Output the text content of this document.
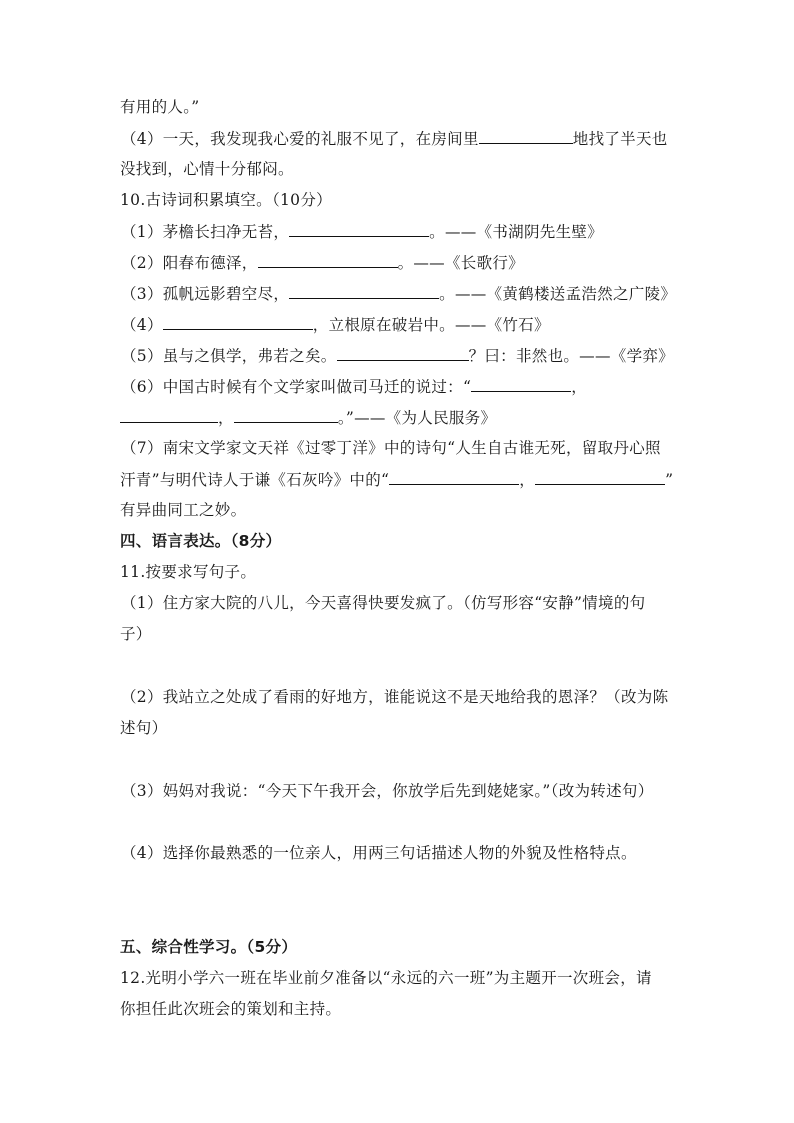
有用的人。”
（4）一天，我发现我心爱的礼服不见了，在房间里	地找了半天也
没找到，心情十分郁闷。
10.古诗词积累填空。（10分）
（1）茅檐长扫净无苔，	。——《书湖阴先生壁》
（2）阳春布德泽，	。——《长歌行》
（3）孤帆远影碧空尽，	。——《黄鹤楼送孟浩然之广陵》
（4）	，立根原在破岩中。——《竹石》
（5）虽与之俱学，弗若之矣。	？曰：非然也。——《学弈》
（6）中国古时候有个文学家叫做司马迁的说过：“	，
，	。”——《为人民服务》
（7）南宋文学家文天祥《过零丁洋》中的诗句“人生自古谁无死，留取丹心照
汗青”与明代诗人于谦《石灰吟》中的“	，	”
有异曲同工之妙。
四、语言表达。（8分）
11.按要求写句子。
（1）住方家大院的八儿，今天喜得快要发疯了。（仿写形容“安静”情境的句
子）
（2）我站立之处成了看雨的好地方，谁能说这不是天地给我的恩泽？（改为陈
述句）
（3）妈妈对我说：“今天下午我开会，你放学后先到姥姥家。”（改为转述句）
（4）选择你最熟悉的一位亲人，用两三句话描述人物的外貌及性格特点。
五、综合性学习。（5分）
12.光明小学六一班在毕业前夕准备以“永远的六一班”为主题开一次班会，请
你担任此次班会的策划和主持。
